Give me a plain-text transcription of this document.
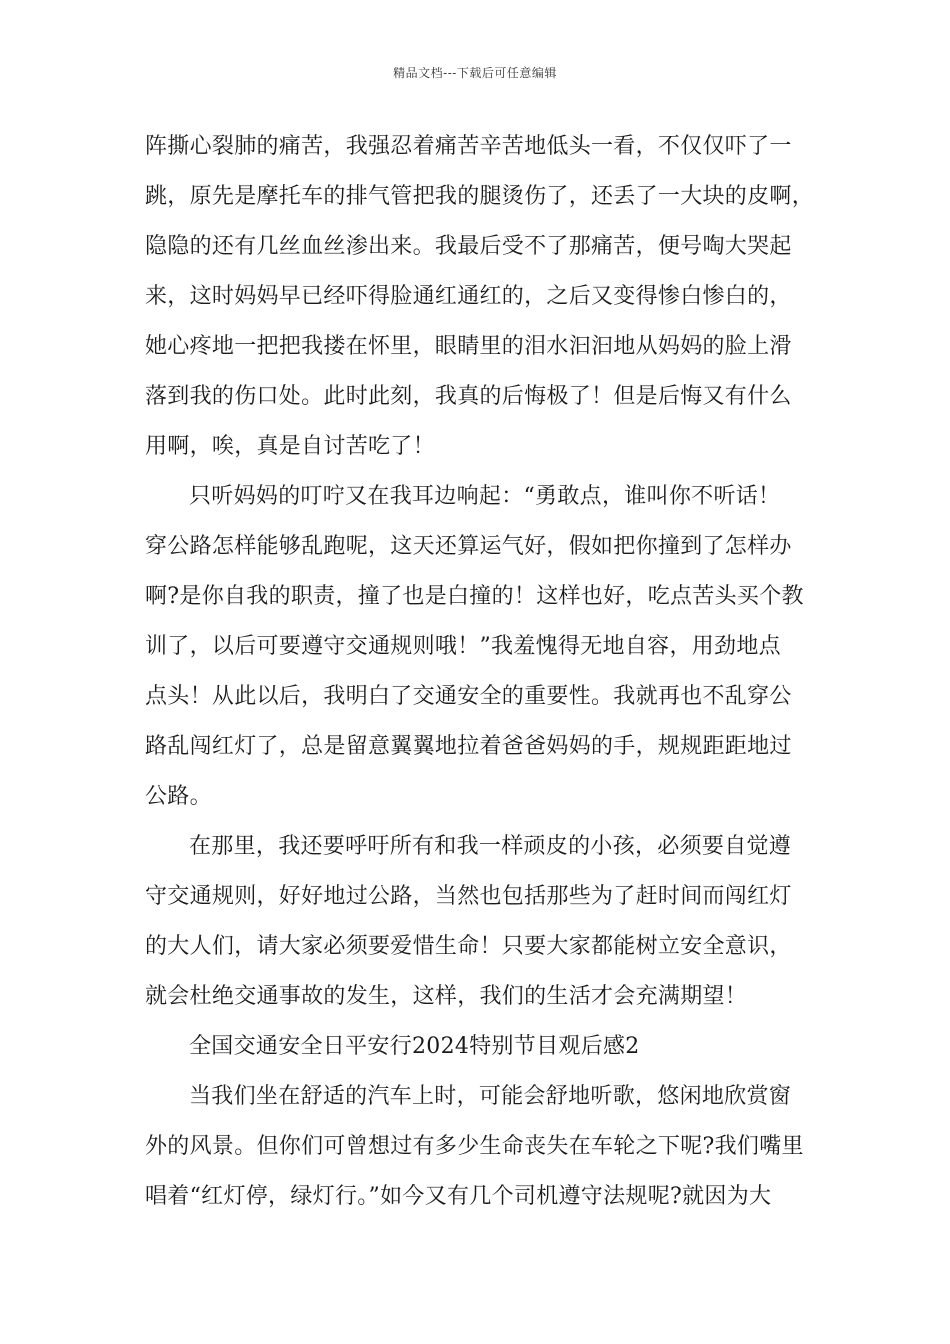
精品文档---下载后可任意编辑
阵撕心裂肺的痛苦，我强忍着痛苦辛苦地低头一看，不仅仅吓了一
跳，原先是摩托车的排气管把我的腿烫伤了，还丢了一大块的皮啊，
隐隐的还有几丝血丝渗出来。我最后受不了那痛苦，便号啕大哭起
来，这时妈妈早已经吓得脸通红通红的，之后又变得惨白惨白的，
她心疼地一把把我搂在怀里，眼睛里的泪水汩汩地从妈妈的脸上滑
落到我的伤口处。此时此刻，我真的后悔极了！但是后悔又有什么
用啊，唉，真是自讨苦吃了！
只听妈妈的叮咛又在我耳边响起：“勇敢点，谁叫你不听话！
穿公路怎样能够乱跑呢，这天还算运气好，假如把你撞到了怎样办
啊?是你自我的职责，撞了也是白撞的！这样也好，吃点苦头买个教
训了，以后可要遵守交通规则哦！”我羞愧得无地自容，用劲地点
点头！从此以后，我明白了交通安全的重要性。我就再也不乱穿公
路乱闯红灯了，总是留意翼翼地拉着爸爸妈妈的手，规规距距地过
公路。
在那里，我还要呼吁所有和我一样顽皮的小孩，必须要自觉遵
守交通规则，好好地过公路，当然也包括那些为了赶时间而闯红灯
的大人们，请大家必须要爱惜生命！只要大家都能树立安全意识，
就会杜绝交通事故的发生，这样，我们的生活才会充满期望！
全国交通安全日平安行2024特别节目观后感2
当我们坐在舒适的汽车上时，可能会舒地听歌，悠闲地欣赏窗
外的风景。但你们可曾想过有多少生命丧失在车轮之下呢?我们嘴里
唱着“红灯停，绿灯行。”如今又有几个司机遵守法规呢?就因为大
